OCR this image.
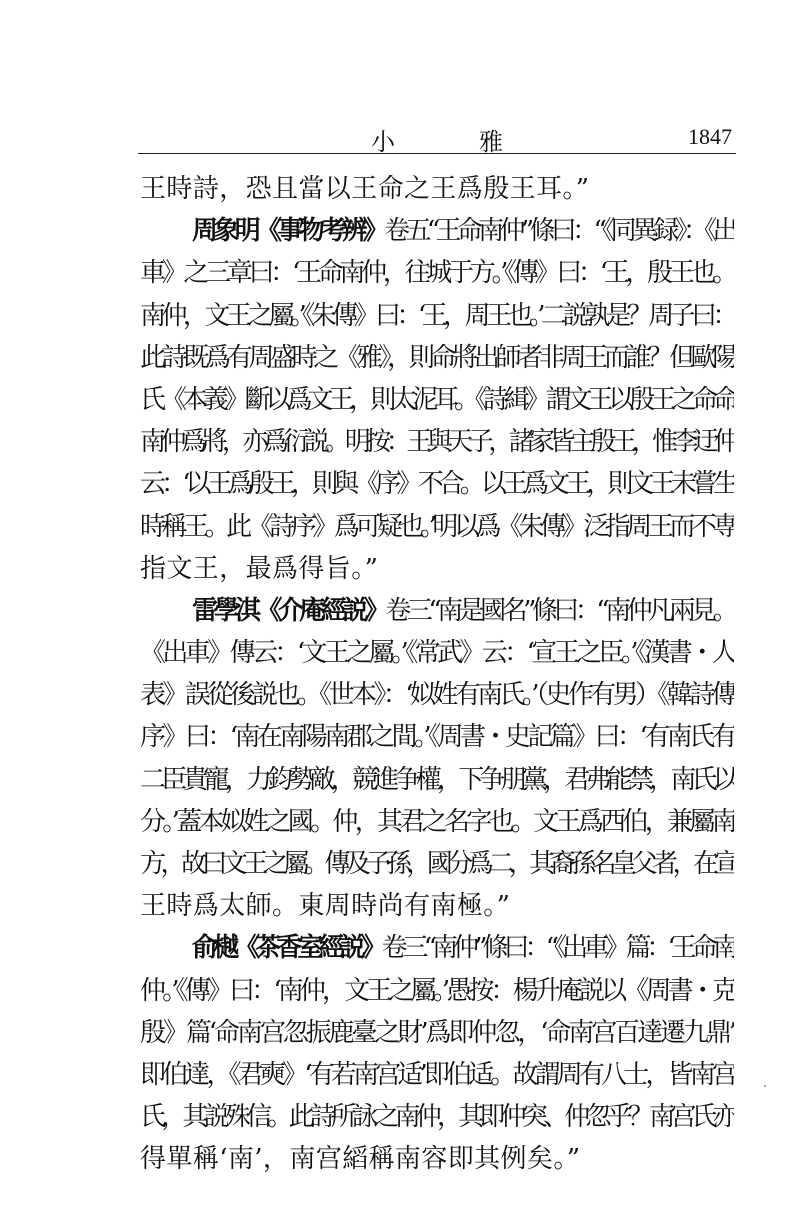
小　雅	1847
王時詩，恐且當以王命之王爲殷王耳。”
周象明《事物考辨》卷五“王命南仲”條曰：“《同異録》：《出
車》之三章曰：‘王命南仲，往城于方。’《傳》曰：‘王，殷王也。
南仲，文王之屬。’《朱傳》曰：‘王，周王也。’二説孰是？周子曰：
此詩既爲有周盛時之《雅》，則命將出師者非周王而誰？但歐陽
氏《本義》斷以爲文王，則太泥耳。《詩緝》謂文王以殷王之命命
南仲爲將，亦爲衍説。明按：王與天子，諸家皆主殷王，惟李迂仲
云：‘以王爲殷王，則與《序》不合。以王爲文王，則文王未嘗生
時稱王。此《詩序》爲可疑也。’明以爲《朱傳》泛指周王而不専
指文王，最爲得旨。”
雷學淇《介庵經説》卷三“南是國名”條曰：“南仲凡兩見。
《出車》傳云：‘文王之屬。’《常武》云：‘宣王之臣。’《漢書・人
表》誤從後説也。《世本》：‘姒姓有南氏。’（史作有男）《韓詩傳
序》曰：‘南在南陽南郡之間。’《周書・史記篇》曰：‘有南氏有
二臣貴寵，力鈞勢敵，競進争權，下争朋黨，君弗能禁，南氏以
分。’蓋本姒姓之國。仲，其君之名字也。文王爲西伯，兼屬南
方，故曰文王之屬。傳及子孫，國分爲二，其裔孫名皇父者，在宣
王時爲太師。東周時尚有南極。”
俞樾《茶香室經説》卷三“南仲”條曰：“《出車》篇：‘王命南
仲。’《傳》曰：‘南仲，文王之屬。’愚按：楊升庵説以《周書・克
殷》篇‘命南宫忽振鹿臺之財’爲即仲忽，‘命南宫百達遷九鼎’
即伯達，《君奭》‘有若南宫适’即伯适。故謂周有八士，皆南宫
氏，其説殊信。此詩所詠之南仲，其即仲突、仲忽乎？南宫氏亦
得單稱‘南’，南宫縚稱南容即其例矣。”
